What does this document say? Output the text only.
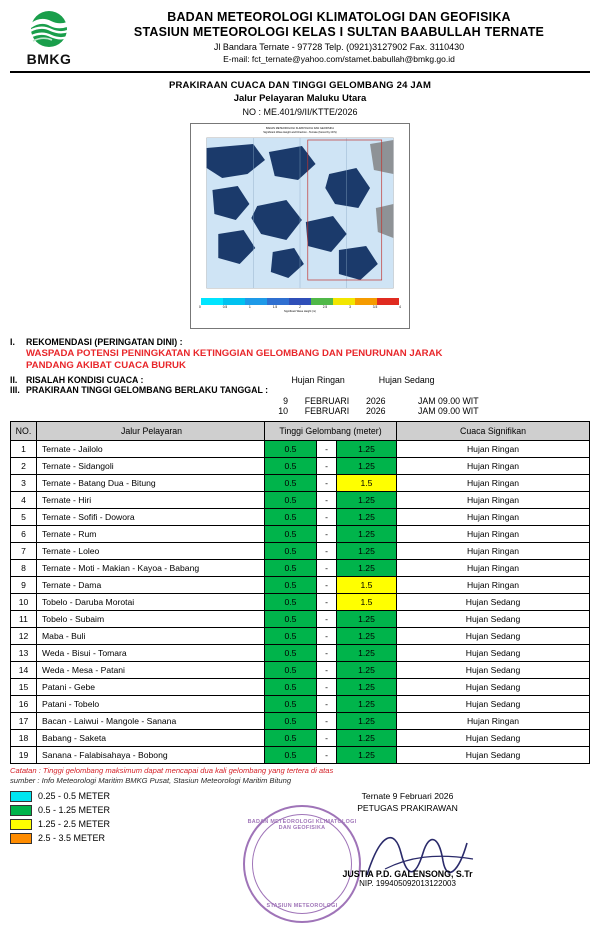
BMKG
BADAN METEOROLOGI KLIMATOLOGI DAN GEOFISIKA
STASIUN METEOROLOGI KELAS I SULTAN BAABULLAH TERNATE
Jl Bandara Ternate - 97728 Telp. (0921)3127902 Fax. 3110430
E-mail: fct_ternate@yahoo.com/stamet.babullah@bmkg.go.id
PRAKIRAAN CUACA DAN TINGGI GELOMBANG 24 JAM
Jalur Pelayaran Maluku Utara
NO : ME.401/9/II/KTTE/2026
BADAN METEOROLOGI KLIMATOLOGI DAN GEOFISIKA
Significant Wave Height and Direction - Ternate (forced by CFS)
0	0.5	1	1.5	2	2.5	3	3.5	4
Significant Wave Height (m)
I.	REKOMENDASI (PERINGATAN DINI) :
WASPADA POTENSI PENINGKATAN KETINGGIAN GELOMBANG DAN PENURUNAN JARAK
PANDANG AKIBAT CUACA BURUK
II. RISALAH KONDISI CUACA :	Hujan Ringan	Hujan Sedang
III. PRAKIRAAN TINGGI GELOMBANG BERLAKU TANGGAL :
9	FEBRUARI	2026	JAM 09.00 WIT
10	FEBRUARI	2026	JAM 09.00 WIT
NO.	Jalur Pelayaran	Tinggi Gelombang (meter)			Cuaca Signifikan
1	Ternate - Jailolo	0.5	-	1.25	Hujan Ringan
2	Ternate - Sidangoli	0.5	-	1.25	Hujan Ringan
3	Ternate - Batang Dua - Bitung	0.5	-	1.5	Hujan Ringan
4	Ternate - Hiri	0.5	-	1.25	Hujan Ringan
5	Ternate - Sofifi - Dowora	0.5	-	1.25	Hujan Ringan
6	Ternate - Rum	0.5	-	1.25	Hujan Ringan
7	Ternate - Loleo	0.5	-	1.25	Hujan Ringan
8	Ternate - Moti - Makian - Kayoa - Babang	0.5	-	1.25	Hujan Ringan
9	Ternate - Dama	0.5	-	1.5	Hujan Ringan
10	Tobelo - Daruba Morotai	0.5	-	1.5	Hujan Sedang
11	Tobelo - Subaim	0.5	-	1.25	Hujan Sedang
12	Maba - Buli	0.5	-	1.25	Hujan Sedang
13	Weda - Bisui - Tomara	0.5	-	1.25	Hujan Sedang
14	Weda - Mesa - Patani	0.5	-	1.25	Hujan Sedang
15	Patani - Gebe	0.5	-	1.25	Hujan Sedang
16	Patani - Tobelo	0.5	-	1.25	Hujan Sedang
17	Bacan - Laiwui - Mangole - Sanana	0.5	-	1.25	Hujan Ringan
18	Babang - Saketa	0.5	-	1.25	Hujan Sedang
19	Sanana - Falabisahaya - Bobong	0.5	-	1.25	Hujan Sedang
Catatan : Tinggi gelombang maksimum dapat mencapai dua kali gelombang yang tertera di atas
sumber : Info Meteorologi Maritim BMKG Pusat, Stasiun Meteorologi Maritim Bitung
0.25 - 0.5 METER
0.5 - 1.25 METER
1.25 - 2.5 METER
2.5 - 3.5 METER
Ternate 9 Februari 2026
PETUGAS PRAKIRAWAN
JUSTIA P.D. GALENSONG, S.Tr
NIP. 199405092013122003
BADAN METEOROLOGI KLIMATOLOGI DAN GEOFISIKA
STASIUN METEOROLOGI
